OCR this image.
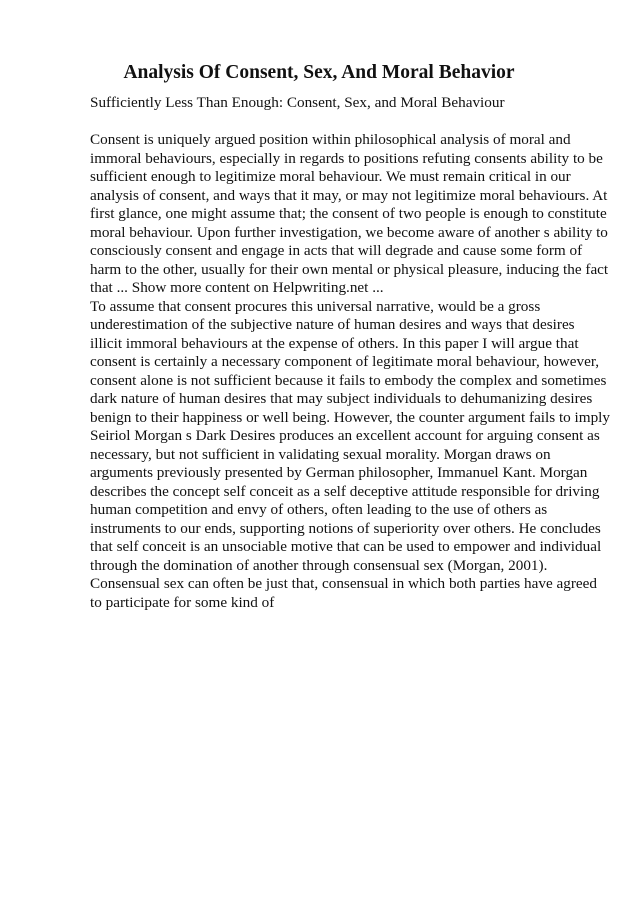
Analysis Of Consent, Sex, And Moral Behavior
Sufficiently Less Than Enough: Consent, Sex, and Moral Behaviour
Consent is uniquely argued position within philosophical analysis of moral and
immoral behaviours, especially in regards to positions refuting consents ability to be
sufficient enough to legitimize moral behaviour. We must remain critical in our
analysis of consent, and ways that it may, or may not legitimize moral behaviours. At
first glance, one might assume that; the consent of two people is enough to constitute
moral behaviour. Upon further investigation, we become aware of another s ability to
consciously consent and engage in acts that will degrade and cause some form of
harm to the other, usually for their own mental or physical pleasure, inducing the fact
that ... Show more content on Helpwriting.net ...
To assume that consent procures this universal narrative, would be a gross
underestimation of the subjective nature of human desires and ways that desires
illicit immoral behaviours at the expense of others. In this paper I will argue that
consent is certainly a necessary component of legitimate moral behaviour, however,
consent alone is not sufficient because it fails to embody the complex and sometimes
dark nature of human desires that may subject individuals to dehumanizing desires
benign to their happiness or well being. However, the counter argument fails to imply
Seiriol Morgan s Dark Desires produces an excellent account for arguing consent as
necessary, but not sufficient in validating sexual morality. Morgan draws on
arguments previously presented by German philosopher, Immanuel Kant. Morgan
describes the concept self conceit as a self deceptive attitude responsible for driving
human competition and envy of others, often leading to the use of others as
instruments to our ends, supporting notions of superiority over others. He concludes
that self conceit is an unsociable motive that can be used to empower and individual
through the domination of another through consensual sex (Morgan, 2001).
Consensual sex can often be just that, consensual in which both parties have agreed
to participate for some kind of
